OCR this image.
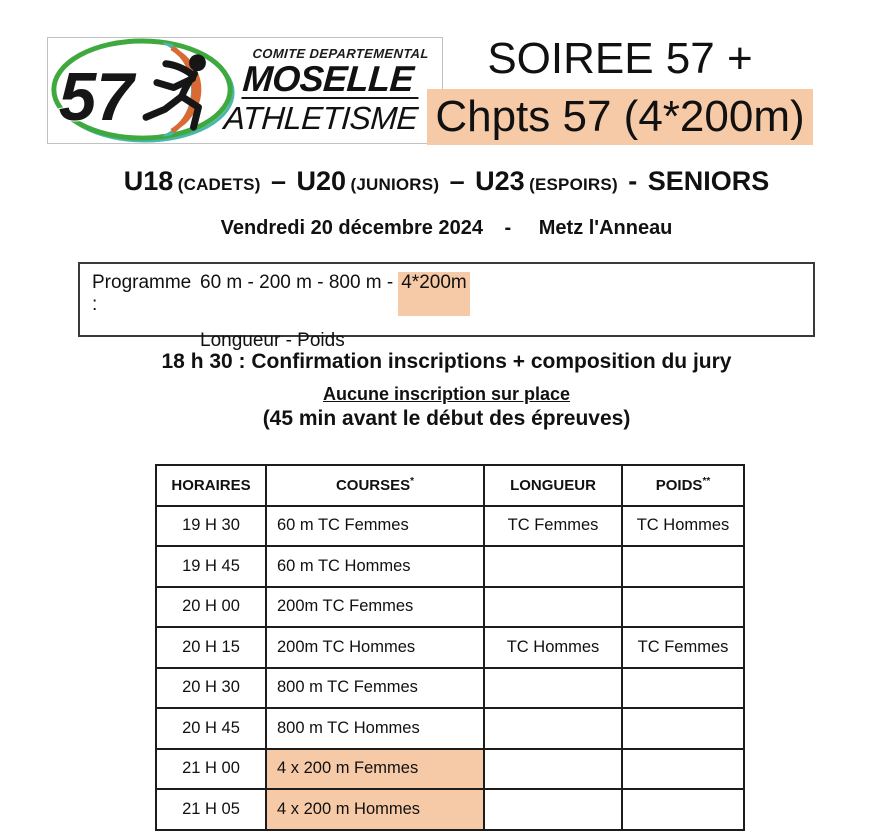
57
COMITE DEPARTEMENTAL
MOSELLE
ATHLETISME
SOIREE 57 +
Chpts 57 (4*200m)
U18 (CADETS) – U20 (JUNIORS) – U23 (ESPOIRS) - SENIORS
Vendredi 20 décembre 2024 - Metz l'Anneau
Programme :
60 m - 200 m - 800 m - 4*200m
Longueur - Poids
18 h 30 : Confirmation inscriptions + composition du jury
Aucune inscription sur place
(45 min avant le début des épreuves)
HORAIRES	COURSES*	LONGUEUR	POIDS**
19 H 30	60 m TC Femmes	TC Femmes	TC Hommes
19 H 45	60 m TC Hommes		
20 H 00	200m TC Femmes		
20 H 15	200m TC Hommes	TC Hommes	TC Femmes
20 H 30	800 m TC Femmes		
20 H 45	800 m TC Hommes		
21 H 00	4 x 200 m Femmes		
21 H 05	4 x 200 m Hommes		
